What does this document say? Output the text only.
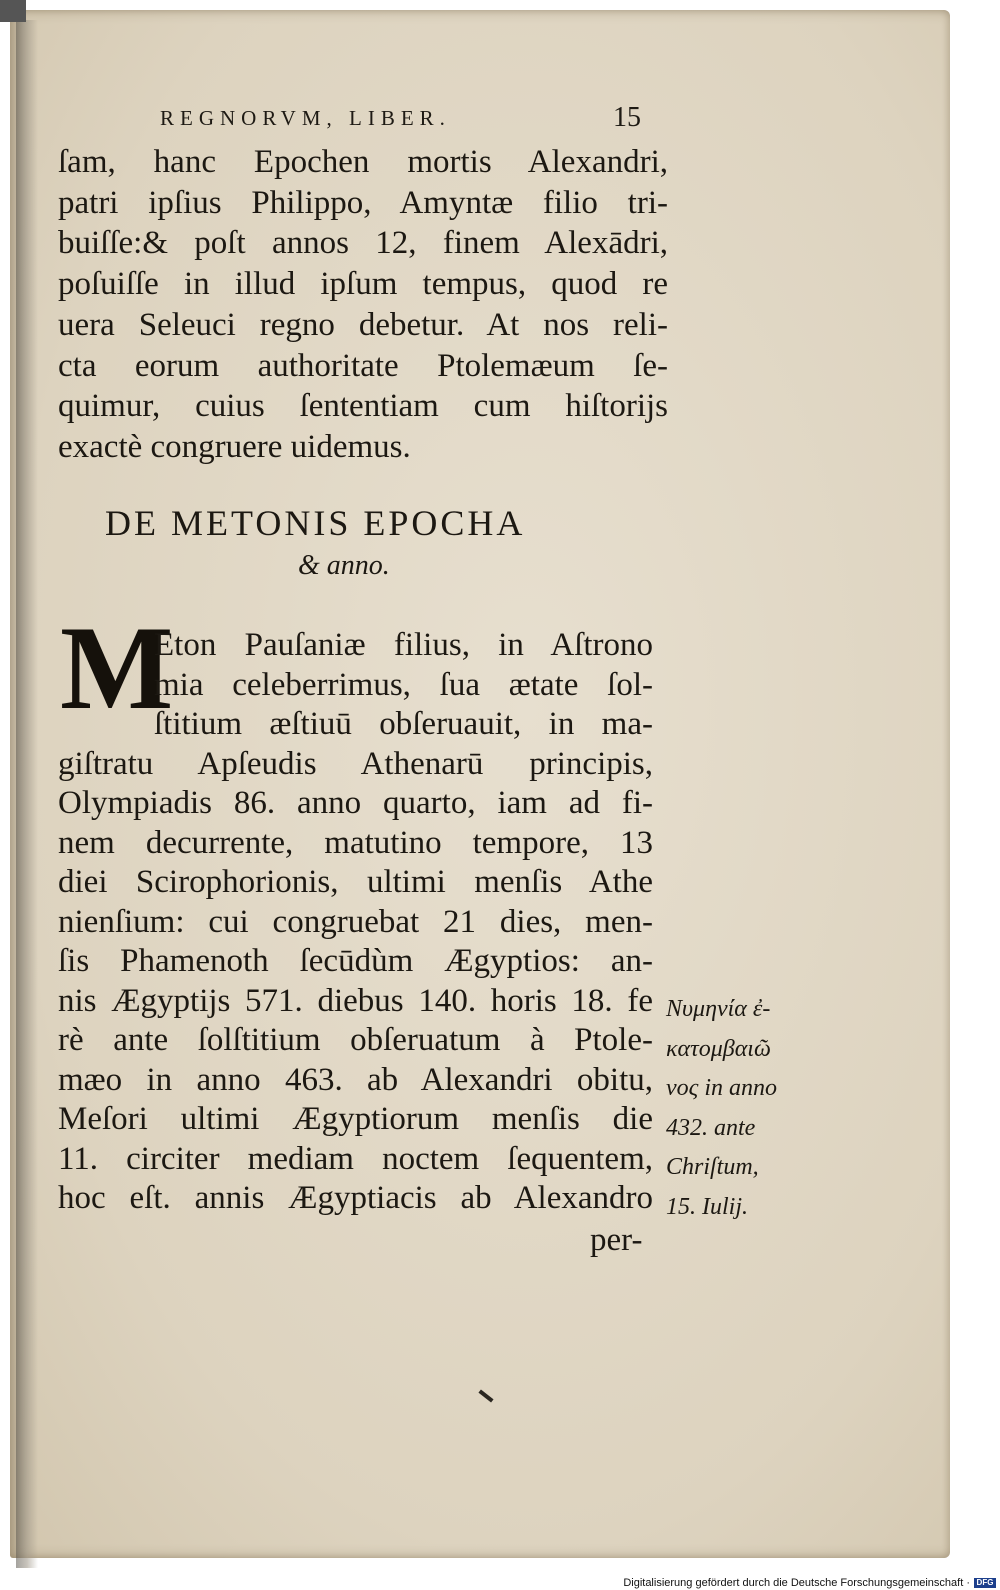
REGNORVM, LIBER.	15
ſam, hanc Epochen mortis Alexandri,
patri ipſius Philippo, Amyntæ filio tri-
buiſſe:& poſt annos 12, finem Alexādri,
poſuiſſe in illud ipſum tempus, quod re
uera Seleuci regno debetur. At nos reli-
cta eorum authoritate Ptolemæum ſe-
quimur, cuius ſententiam cum hiſtorijs
exactè congruere uidemus.
DE METONIS EPOCHA
& anno.
M
Eton Pauſaniæ filius, in Aſtrono
mia celeberrimus, ſua ætate ſol-
ſtitium æſtiuū obſeruauit, in ma-
giſtratu Apſeudis Athenarū principis,
Olympiadis 86. anno quarto, iam ad fi-
nem decurrente, matutino tempore, 13
diei Scirophorionis, ultimi menſis Athe
nienſium: cui congruebat 21 dies, men-
ſis Phamenoth ſecūdùm Ægyptios: an-
nis Ægyptijs 571. diebus 140. horis 18. fe
rè ante ſolſtitium obſeruatum à Ptole-
mæo in anno 463. ab Alexandri obitu,
Meſori ultimi Ægyptiorum menſis die
11. circiter mediam noctem ſequentem,
hoc eſt. annis Ægyptiacis ab Alexandro
Νυμηνία ἐ-
κατομβαιῶ
νος in anno
432. ante
Chriſtum,
15. Iulij.
per-
Digitalisierung gefördert durch die Deutsche Forschungsgemeinschaft · DFG
